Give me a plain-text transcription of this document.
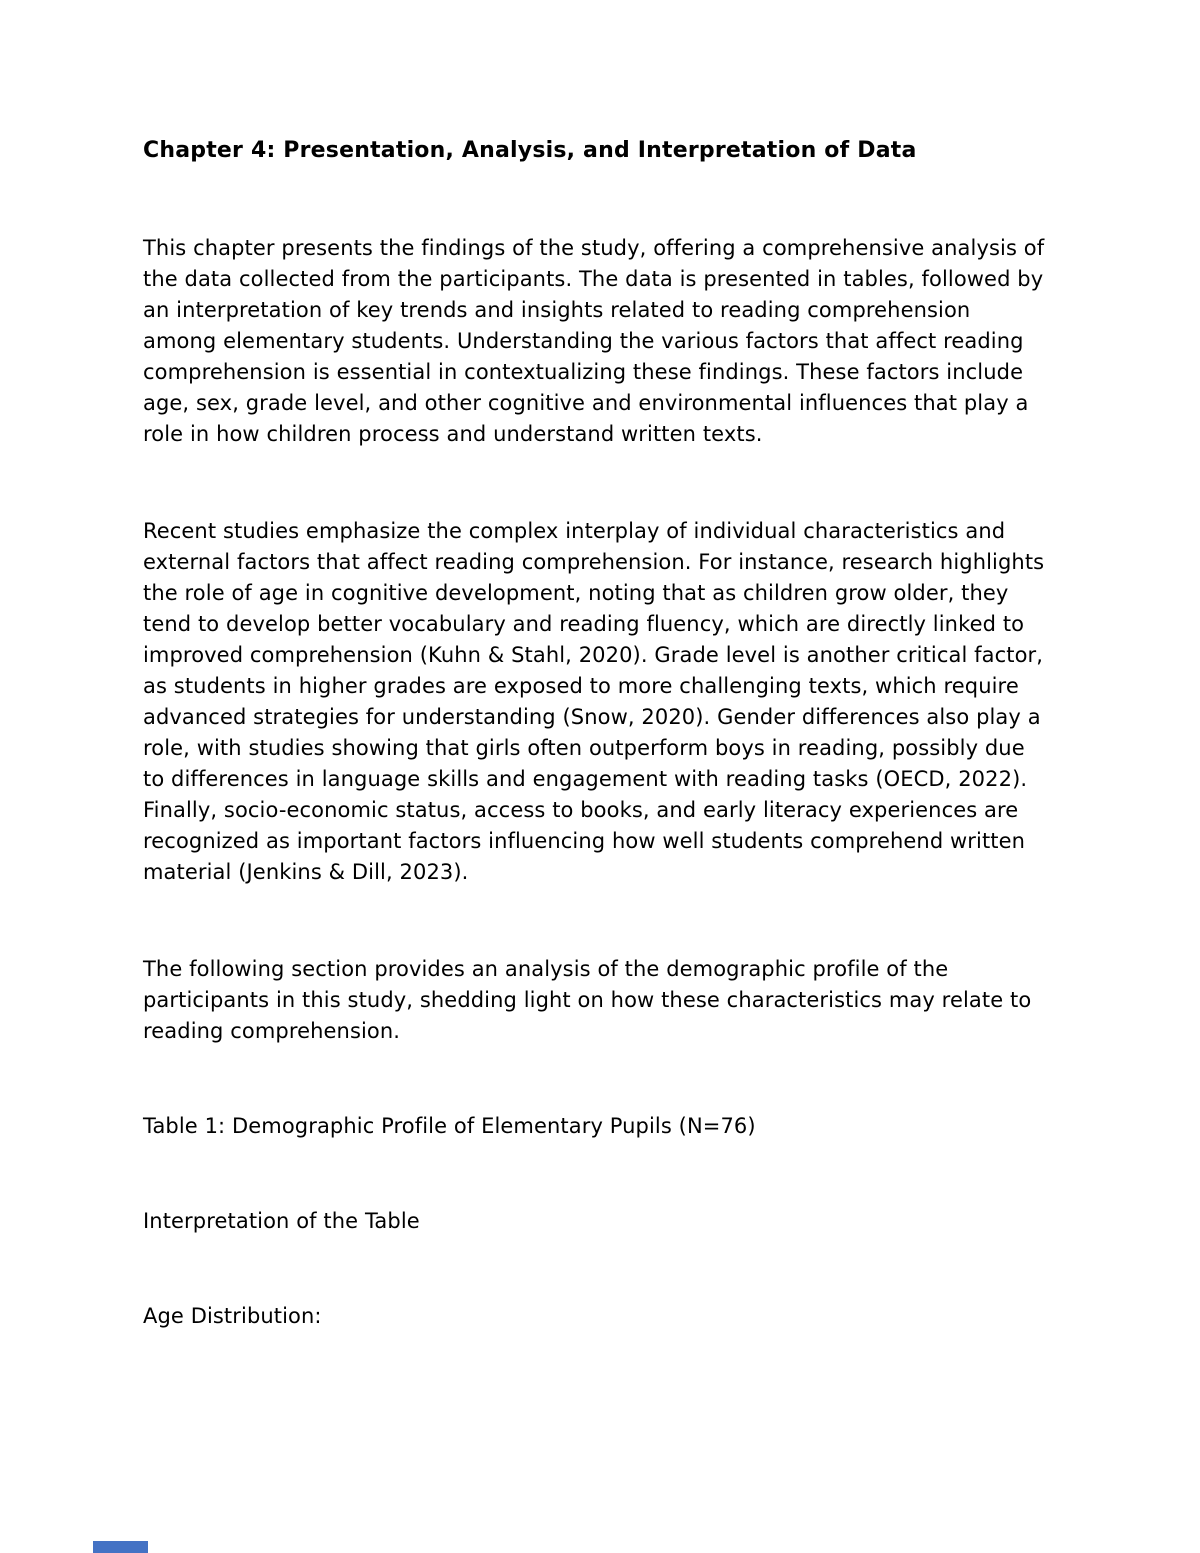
Chapter 4: Presentation, Analysis, and Interpretation of Data

This chapter presents the findings of the study, offering a comprehensive analysis of the data collected from the participants. The data is presented in tables, followed by an interpretation of key trends and insights related to reading comprehension among elementary students. Understanding the various factors that affect reading comprehension is essential in contextualizing these findings. These factors include age, sex, grade level, and other cognitive and environmental influences that play a role in how children process and understand written texts.

Recent studies emphasize the complex interplay of individual characteristics and external factors that affect reading comprehension. For instance, research highlights the role of age in cognitive development, noting that as children grow older, they tend to develop better vocabulary and reading fluency, which are directly linked to improved comprehension (Kuhn & Stahl, 2020). Grade level is another critical factor, as students in higher grades are exposed to more challenging texts, which require advanced strategies for understanding (Snow, 2020). Gender differences also play a role, with studies showing that girls often outperform boys in reading, possibly due to differences in language skills and engagement with reading tasks (OECD, 2022). Finally, socio-economic status, access to books, and early literacy experiences are recognized as important factors influencing how well students comprehend written material (Jenkins & Dill, 2023).

The following section provides an analysis of the demographic profile of the participants in this study, shedding light on how these characteristics may relate to reading comprehension.

Table 1: Demographic Profile of Elementary Pupils (N=76)

Interpretation of the Table

Age Distribution:
